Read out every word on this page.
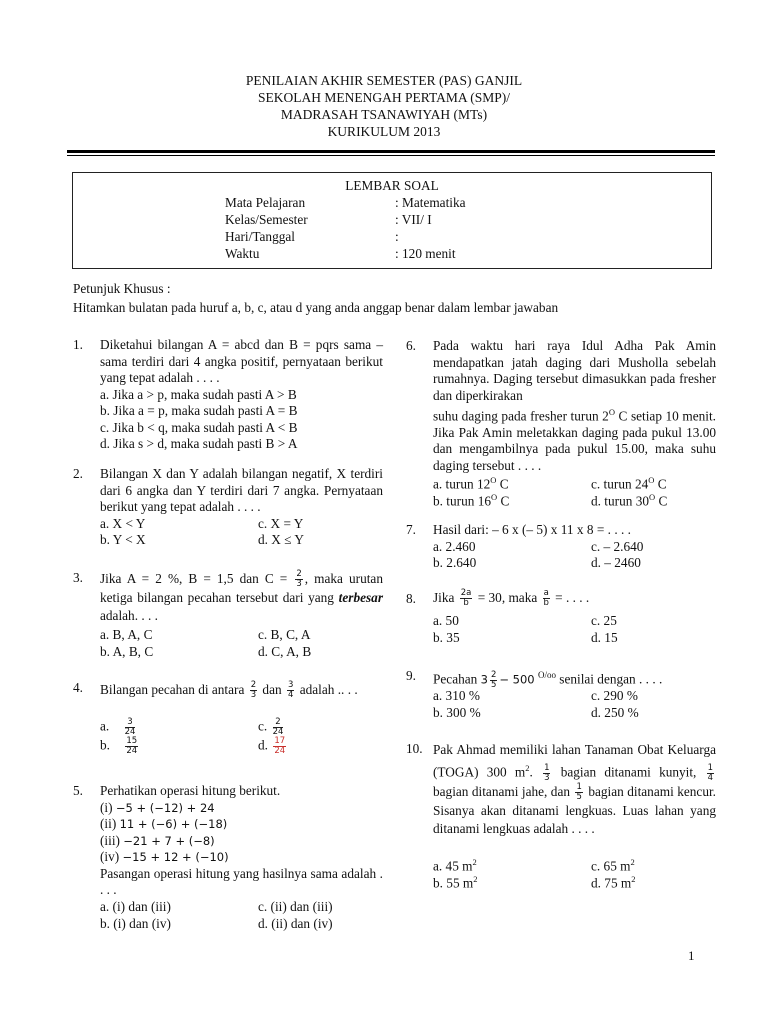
PENILAIAN AKHIR SEMESTER (PAS) GANJIL
SEKOLAH MENENGAH PERTAMA (SMP)/
MADRASAH TSANAWIYAH (MTs)
KURIKULUM 2013
LEMBAR SOAL
Mata Pelajaran	: Matematika
Kelas/Semester	: VII/ I
Hari/Tanggal	:
Waktu	: 120 menit
Petunjuk Khusus :
Hitamkan bulatan pada huruf a, b, c, atau d yang anda anggap benar dalam lembar jawaban
1. Diketahui bilangan A = abcd dan B = pqrs sama – sama terdiri dari 4 angka positif, pernyataan berikut yang tepat adalah . . . .
a. Jika a > p, maka sudah pasti A > B
b. Jika a = p, maka sudah pasti A = B
c. Jika b < q, maka sudah pasti A < B
d. Jika s > d, maka sudah pasti B > A
2. Bilangan X dan Y adalah bilangan negatif, X terdiri dari 6 angka dan Y terdiri dari 7 angka. Pernyataan berikut yang tepat adalah . . . .
a. X < Y
b. Y < X
c. X = Y
d. X ≤ Y
3. Jika A = 2 %, B = 1,5 dan $C = \frac{2}{3}$ , maka urutan ketiga bilangan pecahan tersebut dari yang terbesar adalah. . . .
a. B, A, C
b. A, B, C
c. B, C, A
d. C, A, B
4. Bilangan pecahan di antara $\frac{2}{3}$ dan $\frac{3}{4}$ adalah .. . .
a. $\frac{3}{24}$
b. $\frac{15}{24}$
c. $\frac{2}{24}$
d. $\frac{17}{24}$
5. Perhatikan operasi hitung berikut.
(i) −5 + (−12) + 24
(ii) 11 + (−6) + (−18)
(iii) −21 + 7 + (−8)
(iv) −15 + 12 + (−10)
Pasangan operasi hitung yang hasilnya sama adalah . . . .
a. (i) dan (iii)
b. (i) dan (iv)
c. (ii) dan (iii)
d. (ii) dan (iv)
6. Pada waktu hari raya Idul Adha Pak Amin mendapatkan jatah daging dari Musholla sebelah rumahnya. Daging tersebut dimasukkan pada fresher dan diperkirakan
suhu daging pada fresher turun $2^O$ C setiap 10 menit. Jika Pak Amin meletakkan daging pada pukul 13.00 dan mengambilnya pada pukul 15.00, maka suhu daging tersebut . . . .
a. turun $12^O$ C
b. turun $16^O$ C
c. turun $24^O$ C
d. turun $30^O$ C
7. Hasil dari: – 6 x (– 5) x 11 x 8 = . . . .
a. 2.460
b. 2.640
c. – 2.640
d. – 2460
8. Jika $\frac{2a}{b} = 30$, maka $\frac{a}{b}$ = . . . .
a. 50
b. 35
c. 25
d. 15
9. Pecahan $3 \frac{2}{5} - 500$ $^{O/oo}$ senilai dengan . . . .
a. 310 %
b. 300 %
c. 290 %
d. 250 %
10. Pak Ahmad memiliki lahan Tanaman Obat Keluarga (TOGA) 300 $m^2$. $\frac{1}{3}$ bagian ditanami kunyit, $\frac{1}{4}$
bagian ditanami jahe, dan $\frac{1}{5}$ bagian ditanami kencur. Sisanya akan ditanami lengkuas. Luas lahan yang ditanami lengkuas adalah . . . .
a. 45 $m^2$
b. 55 $m^2$
c. 65 $m^2$
d. 75 $m^2$
1
